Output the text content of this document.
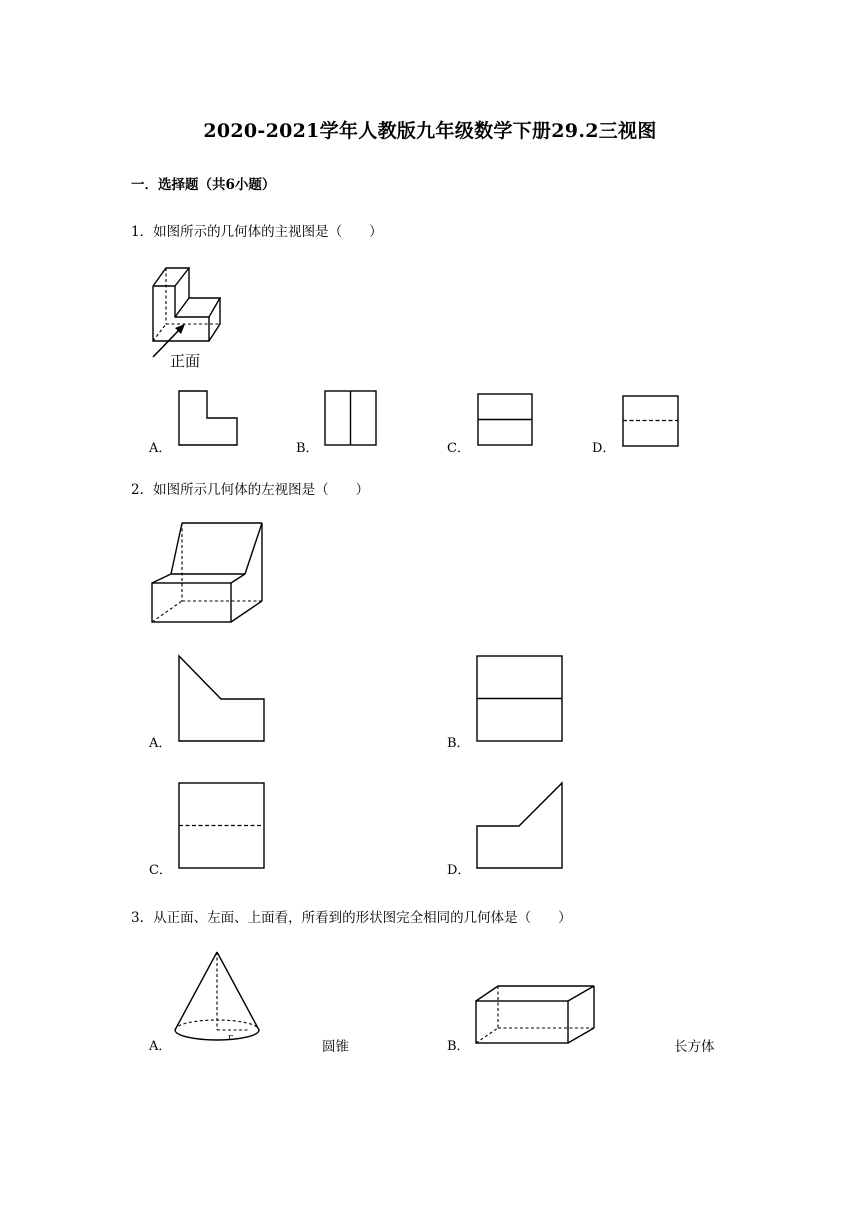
2020-2021学年人教版九年级数学下册29.2三视图
一．选择题（共6小题）
1．如图所示的几何体的主视图是（　　）
正面
A．	B．	C．	D．
2．如图所示几何体的左视图是（　　）
A．	B．
C．	D．
3．从正面、左面、上面看，所看到的形状图完全相同的几何体是（　　）
A．
r
圆锥	B．	长方体
